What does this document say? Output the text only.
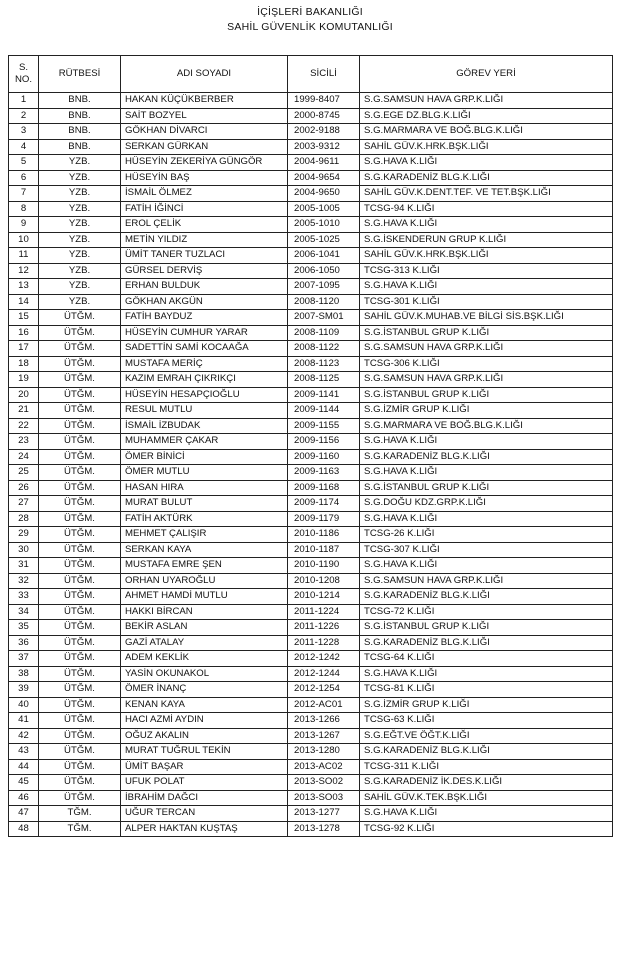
İÇİŞLERİ BAKANLIĞI
SAHİL GÜVENLİK KOMUTANLIĞI
S.
NO.	RÜTBESİ	ADI SOYADI	SİCİLİ	GÖREV YERİ
1	BNB.	HAKAN KÜÇÜKBERBER	1999-8407	S.G.SAMSUN HAVA GRP.K.LIĞI
2	BNB.	SAİT BOZYEL	2000-8745	S.G.EGE DZ.BLG.K.LIĞI
3	BNB.	GÖKHAN DİVARCI	2002-9188	S.G.MARMARA VE BOĞ.BLG.K.LIĞI
4	BNB.	SERKAN GÜRKAN	2003-9312	SAHİL GÜV.K.HRK.BŞK.LIĞI
5	YZB.	HÜSEYİN ZEKERİYA GÜNGÖR	2004-9611	S.G.HAVA K.LIĞI
6	YZB.	HÜSEYİN BAŞ	2004-9654	S.G.KARADENİZ BLG.K.LIĞI
7	YZB.	İSMAİL ÖLMEZ	2004-9650	SAHİL GÜV.K.DENT.TEF. VE TET.BŞK.LIĞI
8	YZB.	FATİH İĞİNCİ	2005-1005	TCSG-94 K.LIĞI
9	YZB.	EROL ÇELİK	2005-1010	S.G.HAVA K.LIĞI
10	YZB.	METİN YILDIZ	2005-1025	S.G.İSKENDERUN GRUP K.LIĞI
11	YZB.	ÜMİT TANER TUZLACI	2006-1041	SAHİL GÜV.K.HRK.BŞK.LIĞI
12	YZB.	GÜRSEL DERVİŞ	2006-1050	TCSG-313 K.LIĞI
13	YZB.	ERHAN BULDUK	2007-1095	S.G.HAVA K.LIĞI
14	YZB.	GÖKHAN AKGÜN	2008-1120	TCSG-301 K.LIĞI
15	ÜTĞM.	FATİH BAYDUZ	2007-SM01	SAHİL GÜV.K.MUHAB.VE BİLGİ SİS.BŞK.LIĞI
16	ÜTĞM.	HÜSEYİN CUMHUR YARAR	2008-1109	S.G.İSTANBUL GRUP K.LIĞI
17	ÜTĞM.	SADETTİN SAMİ KOCAAĞA	2008-1122	S.G.SAMSUN HAVA GRP.K.LIĞI
18	ÜTĞM.	MUSTAFA MERİÇ	2008-1123	TCSG-306 K.LIĞI
19	ÜTĞM.	KAZIM EMRAH ÇIKRIKÇI	2008-1125	S.G.SAMSUN HAVA GRP.K.LIĞI
20	ÜTĞM.	HÜSEYİN HESAPÇIOĞLU	2009-1141	S.G.İSTANBUL GRUP K.LIĞI
21	ÜTĞM.	RESUL MUTLU	2009-1144	S.G.İZMİR GRUP K.LIĞI
22	ÜTĞM.	İSMAİL İZBUDAK	2009-1155	S.G.MARMARA VE BOĞ.BLG.K.LIĞI
23	ÜTĞM.	MUHAMMER ÇAKAR	2009-1156	S.G.HAVA K.LIĞI
24	ÜTĞM.	ÖMER BİNİCİ	2009-1160	S.G.KARADENİZ BLG.K.LIĞI
25	ÜTĞM.	ÖMER MUTLU	2009-1163	S.G.HAVA K.LIĞI
26	ÜTĞM.	HASAN HIRA	2009-1168	S.G.İSTANBUL GRUP K.LIĞI
27	ÜTĞM.	MURAT BULUT	2009-1174	S.G.DOĞU KDZ.GRP.K.LIĞI
28	ÜTĞM.	FATİH AKTÜRK	2009-1179	S.G.HAVA K.LIĞI
29	ÜTĞM.	MEHMET ÇALIŞIR	2010-1186	TCSG-26 K.LIĞI
30	ÜTĞM.	SERKAN KAYA	2010-1187	TCSG-307 K.LIĞI
31	ÜTĞM.	MUSTAFA EMRE ŞEN	2010-1190	S.G.HAVA K.LIĞI
32	ÜTĞM.	ORHAN UYAROĞLU	2010-1208	S.G.SAMSUN HAVA GRP.K.LIĞI
33	ÜTĞM.	AHMET HAMDİ MUTLU	2010-1214	S.G.KARADENİZ BLG.K.LIĞI
34	ÜTĞM.	HAKKI BİRCAN	2011-1224	TCSG-72 K.LIĞI
35	ÜTĞM.	BEKİR ASLAN	2011-1226	S.G.İSTANBUL GRUP K.LIĞI
36	ÜTĞM.	GAZİ ATALAY	2011-1228	S.G.KARADENİZ BLG.K.LIĞI
37	ÜTĞM.	ADEM KEKLİK	2012-1242	TCSG-64 K.LIĞI
38	ÜTĞM.	YASİN OKUNAKOL	2012-1244	S.G.HAVA K.LIĞI
39	ÜTĞM.	ÖMER İNANÇ	2012-1254	TCSG-81 K.LIĞI
40	ÜTĞM.	KENAN KAYA	2012-AC01	S.G.İZMİR GRUP K.LIĞI
41	ÜTĞM.	HACI AZMİ AYDIN	2013-1266	TCSG-63 K.LIĞI
42	ÜTĞM.	OĞUZ AKALIN	2013-1267	S.G.EĞT.VE ÖĞT.K.LIĞI
43	ÜTĞM.	MURAT TUĞRUL TEKİN	2013-1280	S.G.KARADENİZ BLG.K.LIĞI
44	ÜTĞM.	ÜMİT BAŞAR	2013-AC02	TCSG-311 K.LIĞI
45	ÜTĞM.	UFUK POLAT	2013-SO02	S.G.KARADENİZ İK.DES.K.LIĞI
46	ÜTĞM.	İBRAHİM DAĞCI	2013-SO03	SAHİL GÜV.K.TEK.BŞK.LIĞI
47	TĞM.	UĞUR TERCAN	2013-1277	S.G.HAVA K.LIĞI
48	TĞM.	ALPER HAKTAN KUŞTAŞ	2013-1278	TCSG-92 K.LIĞI
